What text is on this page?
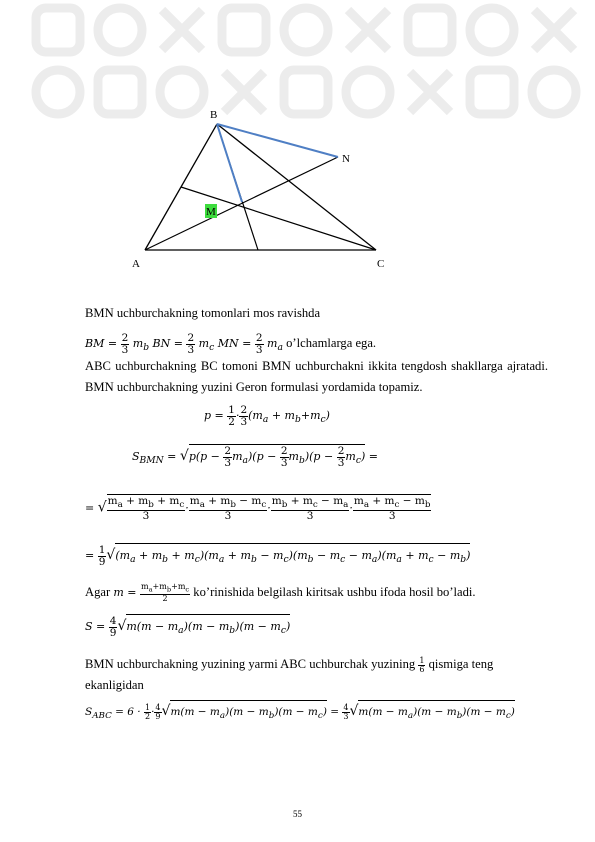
B
N
M
A	C
BMN uchburchakning tomonlari mos ravishda
BM = $\frac{2}{3} m_b$ BN = $\frac{2}{3} m_c$ MN = $\frac{2}{3} m_a$ o’lchamlarga ega.
ABC uchburchakning BC tomoni BMN uchburchakni ikkita tengdosh shakllarga ajratadi. BMN uchburchakning yuzini Geron formulasi yordamida topamiz.
$p = \frac{1}{2} \cdot \frac{2}{3} (m_a + m_b+m_c)$
$S_{BMN} = √p(p - \frac{2}{3} m_a)(p - \frac{2}{3} m_b)(p - \frac{2}{3} m_c)$ =
= √ $\frac{m_a + m_b + m_c}{3} \cdot \frac{m_a + m_b - m_c}{3} \cdot \frac{m_b + m_c - m_a}{3} \cdot \frac{m_a + m_c - m_b}{3}$
= $\frac{1}{9} √(m_a + m_b + m_c)(m_a + m_b - m_c)(m_b - m_c - m_a)(m_a + m_c - m_b)$
Agar $m = \frac{m_a+m_b+m_c}{2}$ ko’rinishida belgilash kiritsak ushbu ifoda hosil bo’ladi.
$S = \frac{4}{9} √m(m - m_a)(m - m_b)(m - m_c)$
BMN uchburchakning yuzining yarmi ABC uchburchak yuzining $\frac{1}{6}$ qismiga teng
ekanligidan
$S_{ABC} = 6 \cdot \frac{1}{2} \cdot \frac{4}{9} √m(m - m_a)(m - m_b)(m - m_c) = \frac{4}{3} √m(m - m_a)(m - m_b)(m - m_c)$
55
